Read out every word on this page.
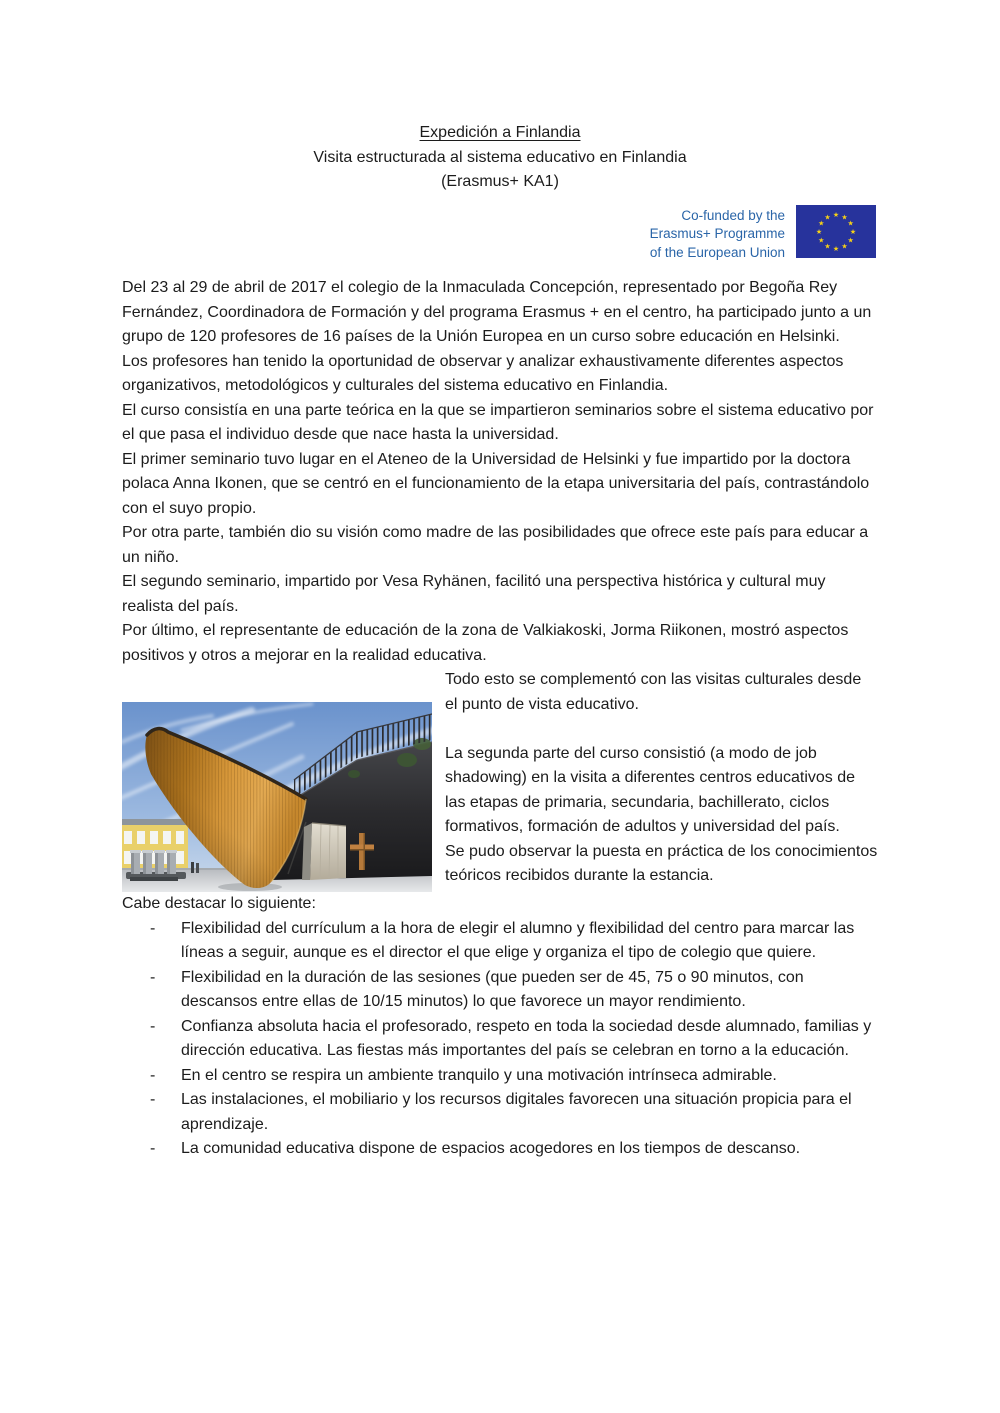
Expedición a Finlandia
Visita estructurada al sistema educativo en Finlandia
(Erasmus+ KA1)
Co-funded by the
Erasmus+ Programme
of the European Union
★ ★
★
★
★
★
★
★
★
★
★
★

Del 23 al 29 de abril de 2017 el colegio de la Inmaculada Concepción, representado por Begoña Rey Fernández, Coordinadora de Formación y del programa Erasmus + en el centro, ha participado junto a un grupo de 120 profesores de 16 países de la Unión Europea en un curso sobre educación en Helsinki.

Los profesores han tenido la oportunidad de observar y analizar exhaustivamente diferentes aspectos organizativos, metodológicos y culturales del sistema educativo en Finlandia.

El curso consistía en una parte teórica en la que se impartieron seminarios sobre el sistema educativo por el que pasa el individuo desde que nace hasta la universidad.

El primer seminario tuvo lugar en el Ateneo de la Universidad de Helsinki y fue impartido por la doctora polaca Anna Ikonen, que se centró en el funcionamiento de la etapa universitaria del país, contrastándolo con el suyo propio.

Por otra parte, también dio su visión como madre de las posibilidades que ofrece este país para educar a un niño.

El segundo seminario, impartido por Vesa Ryhänen, facilitó una perspectiva histórica y cultural muy realista del país.

Por último, el representante de educación de la zona de Valkiakoski, Jorma Riikonen, mostró aspectos positivos y otros a mejorar en la realidad educativa.

Todo esto se complementó con las visitas culturales desde el punto de vista educativo.

La segunda parte del curso consistió (a modo de job shadowing) en la visita a diferentes centros educativos de las etapas de primaria, secundaria, bachillerato, ciclos formativos, formación de adultos y universidad del país.

Se pudo observar la puesta en práctica de los conocimientos teóricos recibidos durante la estancia.

Cabe destacar lo siguiente:

- Flexibilidad del currículum a la hora de elegir el alumno y flexibilidad del centro para marcar las líneas a seguir, aunque es el director el que elige y organiza el tipo de colegio que quiere.
- Flexibilidad en la duración de las sesiones (que pueden ser de 45, 75 o 90 minutos, con descansos entre ellas de 10/15 minutos) lo que favorece un mayor rendimiento.
- Confianza absoluta hacia el profesorado, respeto en toda la sociedad desde alumnado, familias y dirección educativa. Las fiestas más importantes del país se celebran en torno a la educación.
- En el centro se respira un ambiente tranquilo y una motivación intrínseca admirable.
- Las instalaciones, el mobiliario y los recursos digitales favorecen una situación propicia para el aprendizaje.
- La comunidad educativa dispone de espacios acogedores en los tiempos de descanso.
